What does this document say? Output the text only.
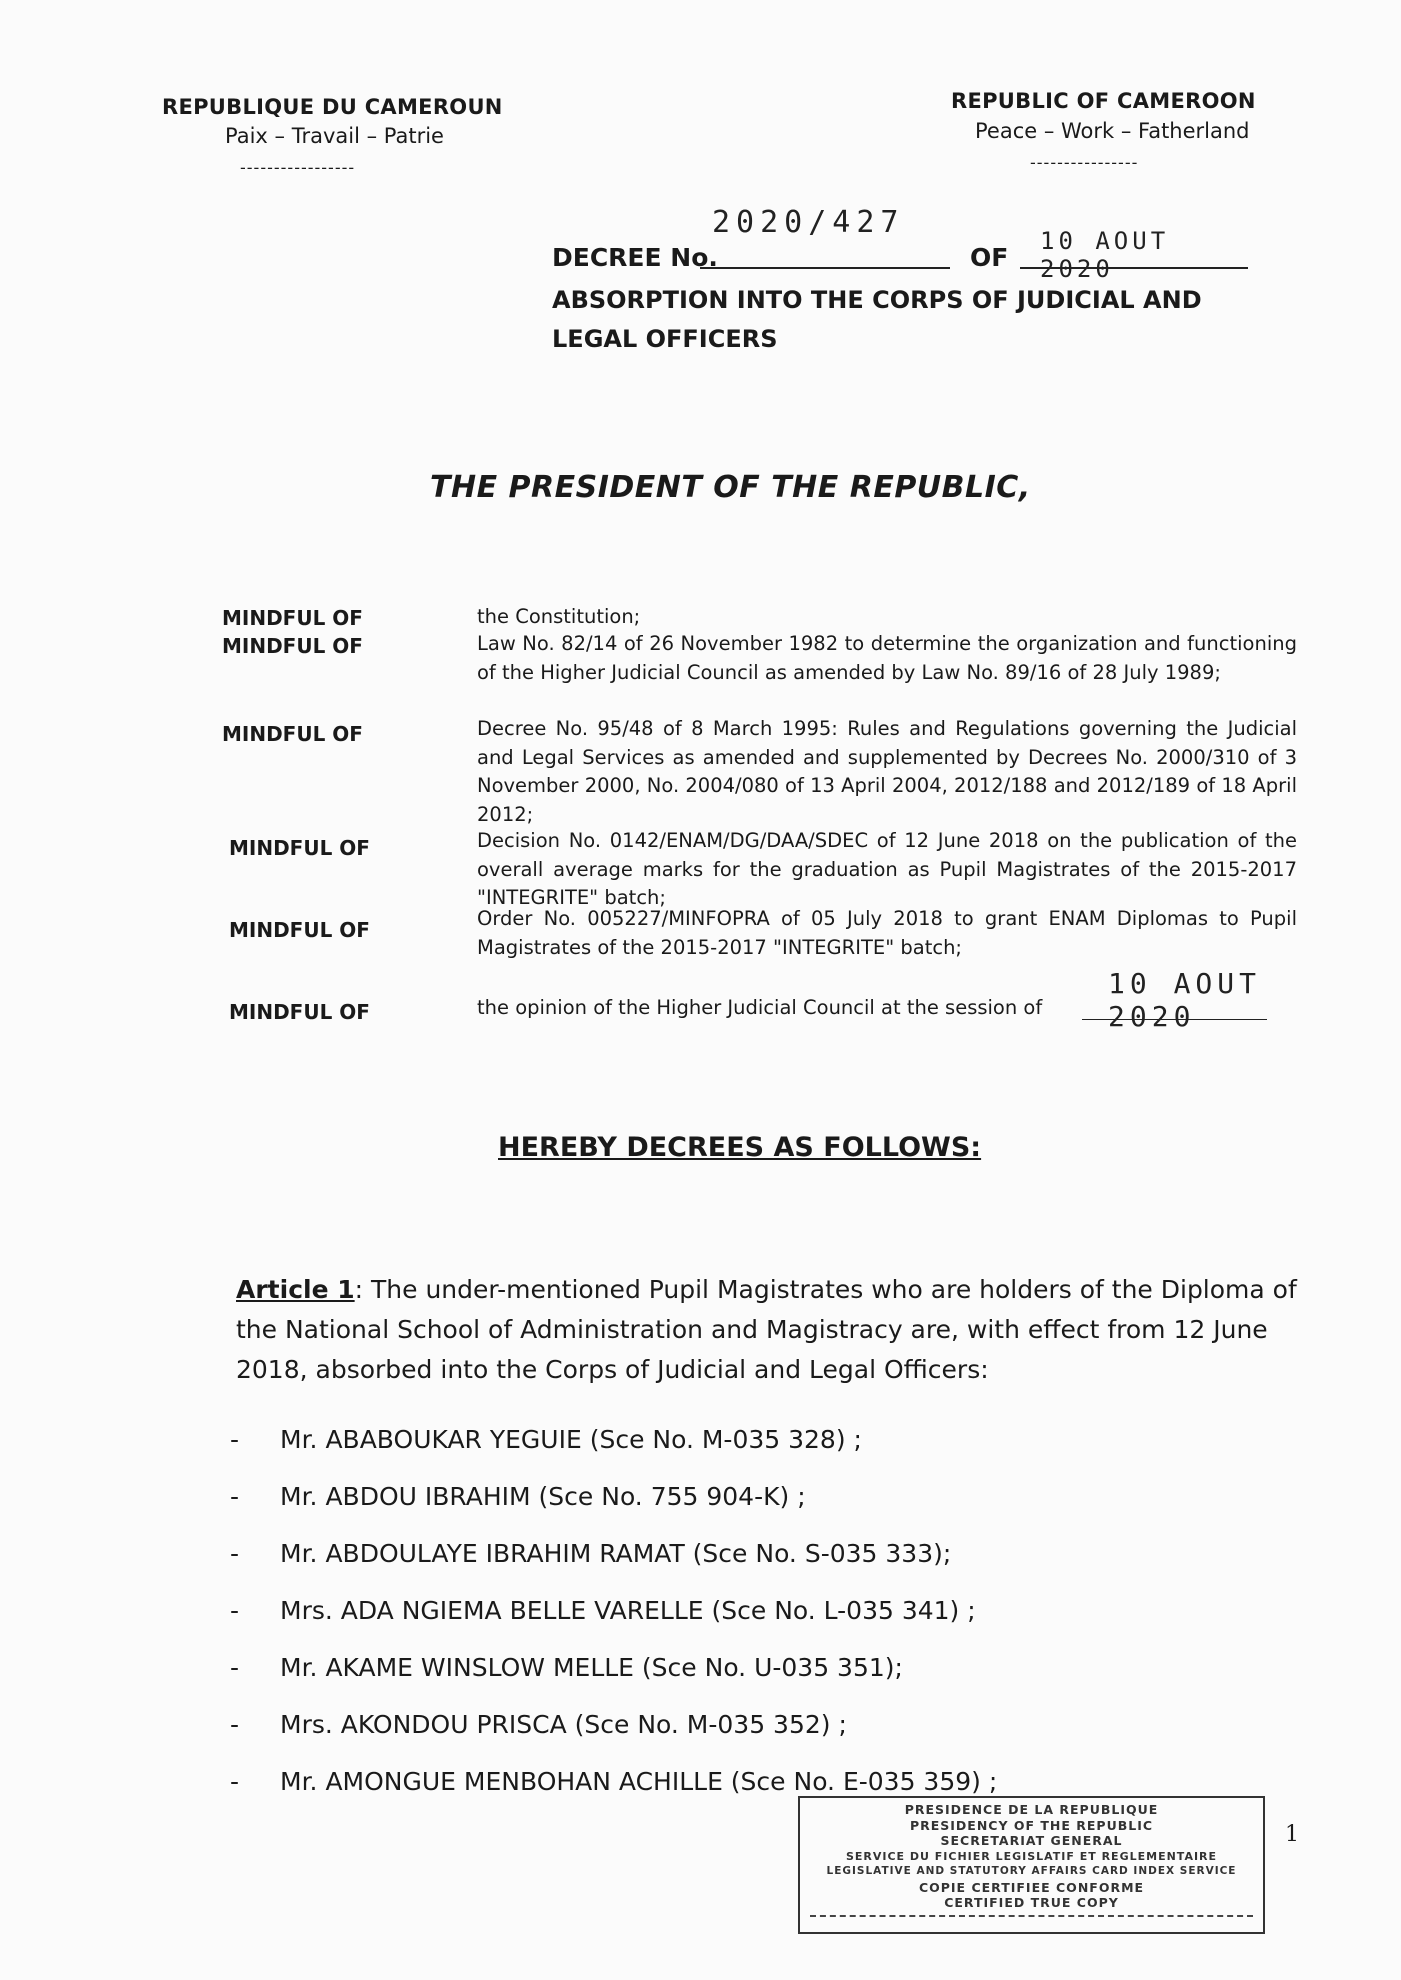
REPUBLIQUE DU CAMEROUN
Paix – Travail – Patrie
-----------------
REPUBLIC OF CAMEROON
Peace – Work – Fatherland
----------------
DECREE No.
2020/427
OF
10 AOUT 2020
ABSORPTION INTO THE CORPS OF JUDICIAL AND LEGAL OFFICERS
THE PRESIDENT OF THE REPUBLIC,
MINDFUL OF	the Constitution;
MINDFUL OF	Law No. 82/14 of 26 November 1982 to determine the organization and functioning of the Higher Judicial Council as amended by Law No. 89/16 of 28 July 1989;
MINDFUL OF	Decree No. 95/48 of 8 March 1995: Rules and Regulations governing the Judicial and Legal Services as amended and supplemented by Decrees No. 2000/310 of 3 November 2000, No. 2004/080 of 13 April 2004, 2012/188 and 2012/189 of 18 April 2012;
MINDFUL OF	Decision No. 0142/ENAM/DG/DAA/SDEC of 12 June 2018 on the publication of the overall average marks for the graduation as Pupil Magistrates of the 2015-2017 "INTEGRITE" batch;
MINDFUL OF	Order No. 005227/MINFOPRA of 05 July 2018 to grant ENAM Diplomas to Pupil Magistrates of the 2015-2017 "INTEGRITE" batch;
MINDFUL OF	the opinion of the Higher Judicial Council at the session of
10 AOUT 2020
HEREBY DECREES AS FOLLOWS:
Article 1: The under-mentioned Pupil Magistrates who are holders of the Diploma of the National School of Administration and Magistracy are, with effect from 12 June 2018, absorbed into the Corps of Judicial and Legal Officers:
- Mr. ABABOUKAR YEGUIE (Sce No. M-035 328) ;
- Mr. ABDOU IBRAHIM (Sce No. 755 904-K) ;
- Mr. ABDOULAYE IBRAHIM RAMAT (Sce No. S-035 333);
- Mrs. ADA NGIEMA BELLE VARELLE (Sce No. L-035 341) ;
- Mr. AKAME WINSLOW MELLE (Sce No. U-035 351);
- Mrs. AKONDOU PRISCA (Sce No. M-035 352) ;
- Mr. AMONGUE MENBOHAN ACHILLE (Sce No. E-035 359) ;
PRESIDENCE DE LA REPUBLIQUE
PRESIDENCY OF THE REPUBLIC
SECRETARIAT GENERAL
SERVICE DU FICHIER LEGISLATIF ET REGLEMENTAIRE
LEGISLATIVE AND STATUTORY AFFAIRS CARD INDEX SERVICE
COPIE CERTIFIEE CONFORME
CERTIFIED TRUE COPY
1
